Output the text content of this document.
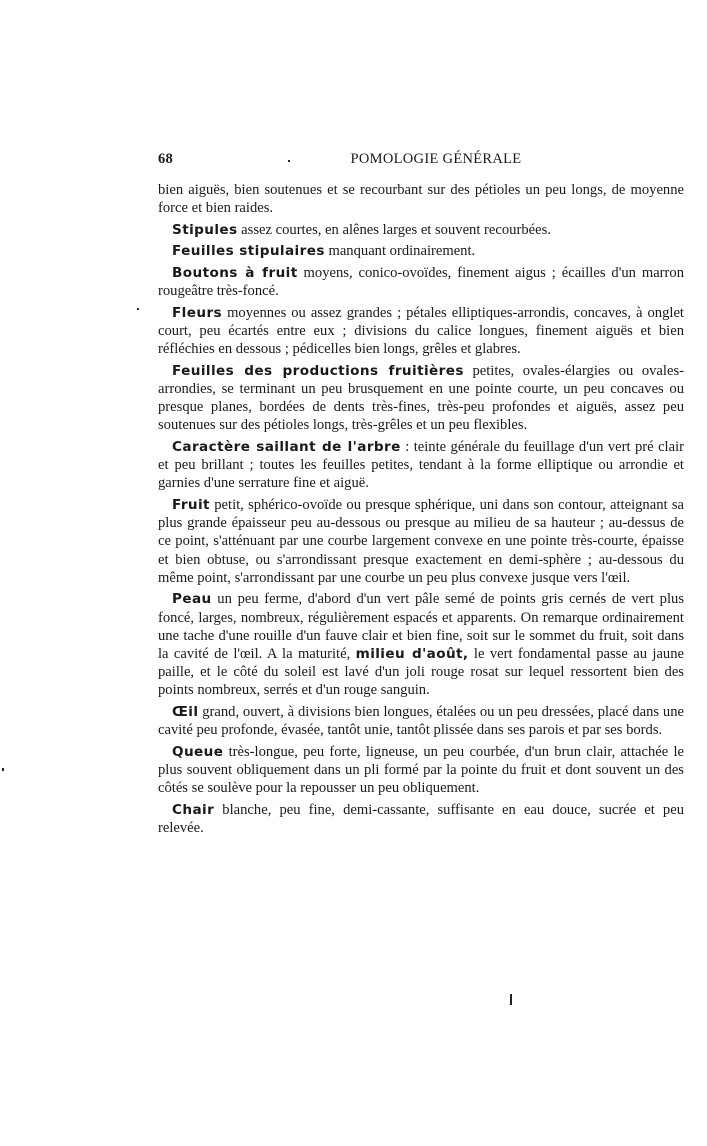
68	POMOLOGIE GÉNÉRALE

bien aiguës, bien soutenues et se recourbant sur des pétioles un peu longs, de moyenne force et bien raides.

Stipules assez courtes, en alênes larges et souvent recourbées.

Feuilles stipulaires manquant ordinairement.

Boutons à fruit moyens, conico-ovoïdes, finement aigus ; écailles d'un marron rougeâtre très-foncé.

Fleurs moyennes ou assez grandes ; pétales elliptiques-arrondis, concaves, à onglet court, peu écartés entre eux ; divisions du calice longues, finement aiguës et bien réfléchies en dessous ; pédicelles bien longs, grêles et glabres.

Feuilles des productions fruitières petites, ovales-élargies ou ovales-arrondies, se terminant un peu brusquement en une pointe courte, un peu concaves ou presque planes, bordées de dents très-fines, très-peu profondes et aiguës, assez peu soutenues sur des pétioles longs, très-grêles et un peu flexibles.

Caractère saillant de l'arbre : teinte générale du feuillage d'un vert pré clair et peu brillant ; toutes les feuilles petites, tendant à la forme elliptique ou arrondie et garnies d'une serrature fine et aiguë.

Fruit petit, sphérico-ovoïde ou presque sphérique, uni dans son contour, atteignant sa plus grande épaisseur peu au-dessous ou presque au milieu de sa hauteur ; au-dessus de ce point, s'atténuant par une courbe largement convexe en une pointe très-courte, épaisse et bien obtuse, ou s'arrondissant presque exactement en demi-sphère ; au-dessous du même point, s'arrondissant par une courbe un peu plus convexe jusque vers l'œil.

Peau un peu ferme, d'abord d'un vert pâle semé de points gris cernés de vert plus foncé, larges, nombreux, régulièrement espacés et apparents. On remarque ordinairement une tache d'une rouille d'un fauve clair et bien fine, soit sur le sommet du fruit, soit dans la cavité de l'œil. A la maturité, milieu d'août, le vert fondamental passe au jaune paille, et le côté du soleil est lavé d'un joli rouge rosat sur lequel ressortent bien des points nombreux, serrés et d'un rouge sanguin.

Œil grand, ouvert, à divisions bien longues, étalées ou un peu dressées, placé dans une cavité peu profonde, évasée, tantôt unie, tantôt plissée dans ses parois et par ses bords.

Queue très-longue, peu forte, ligneuse, un peu courbée, d'un brun clair, attachée le plus souvent obliquement dans un pli formé par la pointe du fruit et dont souvent un des côtés se soulève pour la repousser un peu obliquement.

Chair blanche, peu fine, demi-cassante, suffisante en eau douce, sucrée et peu relevée.
